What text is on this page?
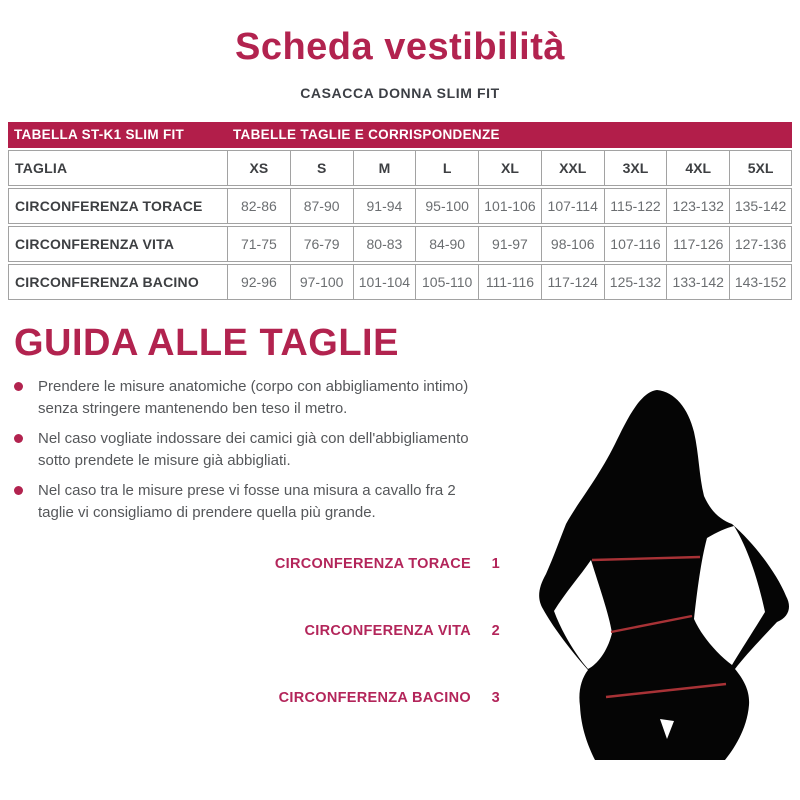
Scheda vestibilità
CASACCA DONNA SLIM FIT
TABELLA ST-K1 SLIM FIT	TABELLE TAGLIE E CORRISPONDENZE
TAGLIA	XS	S	M	L	XL	XXL	3XL	4XL	5XL
CIRCONFERENZA TORACE	82-86	87-90	91-94	95-100	101-106	107-114	115-122	123-132	135-142
CIRCONFERENZA VITA	71-75	76-79	80-83	84-90	91-97	98-106	107-116	117-126	127-136
CIRCONFERENZA BACINO	92-96	97-100	101-104	105-110	111-116	117-124	125-132	133-142	143-152
GUIDA ALLE TAGLIE
Prendere le misure anatomiche (corpo con abbigliamento intimo) senza stringere mantenendo ben teso il metro.
Nel caso vogliate indossare dei camici già con dell'abbigliamento sotto prendete le misure già abbigliati.
Nel caso tra le misure prese vi fosse una misura a cavallo fra 2 taglie vi consigliamo di prendere quella più grande.
CIRCONFERENZA TORACE 1
CIRCONFERENZA VITA 2
CIRCONFERENZA BACINO 3
